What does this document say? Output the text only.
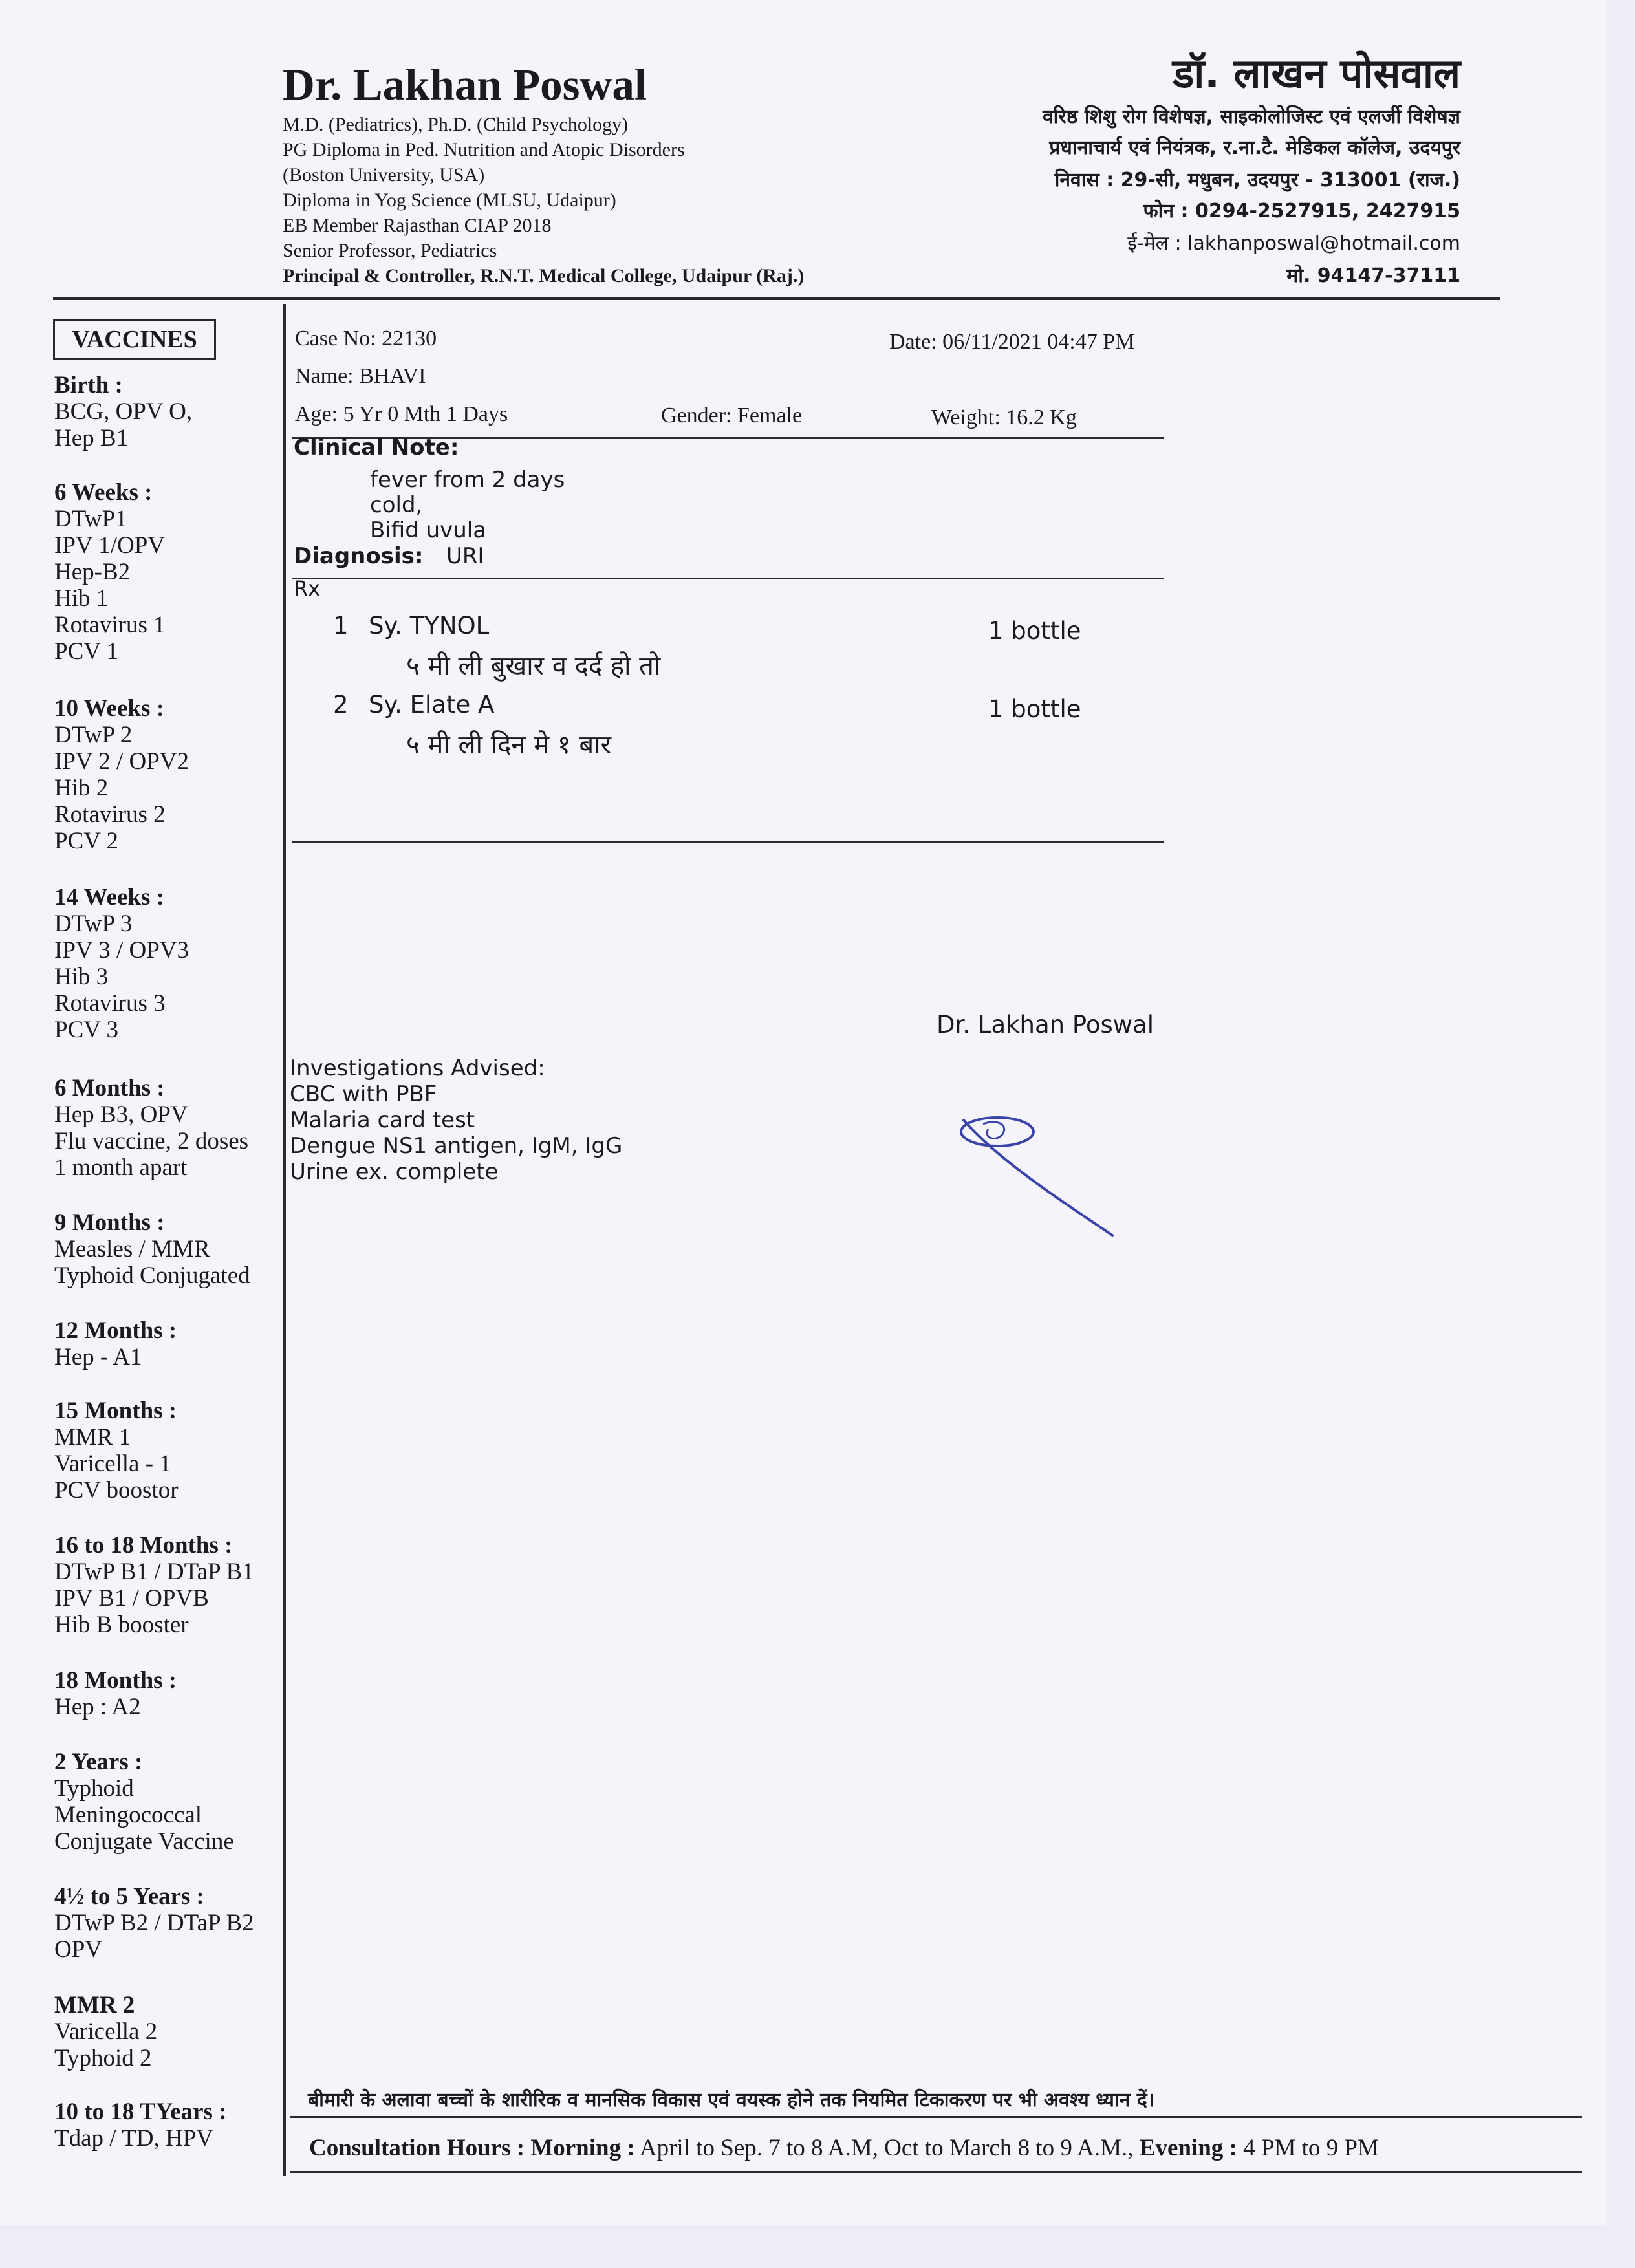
Dr. Lakhan Poswal
M.D. (Pediatrics), Ph.D. (Child Psychology)
PG Diploma in Ped. Nutrition and Atopic Disorders
(Boston University, USA)
Diploma in Yog Science (MLSU, Udaipur)
EB Member Rajasthan CIAP 2018
Senior Professor, Pediatrics
Principal & Controller, R.N.T. Medical College, Udaipur (Raj.)
डॉ. लाखन पोसवाल
वरिष्ठ शिशु रोग विशेषज्ञ, साइकोलोजिस्ट एवं एलर्जी विशेषज्ञ
प्रधानाचार्य एवं नियंत्रक, र.ना.टै. मेडिकल कॉलेज, उदयपुर
निवास : 29-सी, मधुबन, उदयपुर - 313001 (राज.)
फोन : 0294-2527915, 2427915
ई-मेल : lakhanposwal@hotmail.com
मो. 94147-37111
VACCINES
Birth :
BCG, OPV O,
Hep B1
6 Weeks :
DTwP1
IPV 1/OPV
Hep-B2
Hib 1
Rotavirus 1
PCV 1
10 Weeks :
DTwP 2
IPV 2 / OPV2
Hib 2
Rotavirus 2
PCV 2
14 Weeks :
DTwP 3
IPV 3 / OPV3
Hib 3
Rotavirus 3
PCV 3
6 Months :
Hep B3, OPV
Flu vaccine, 2 doses
1 month apart
9 Months :
Measles / MMR
Typhoid Conjugated
12 Months :
Hep - A1
15 Months :
MMR 1
Varicella - 1
PCV boostor
16 to 18 Months :
DTwP B1 / DTaP B1
IPV B1 / OPVB
Hib B booster
18 Months :
Hep : A2
2 Years :
Typhoid
Meningococcal
Conjugate Vaccine
4½ to 5 Years :
DTwP B2 / DTaP B2
OPV
MMR 2
Varicella 2
Typhoid 2
10 to 18 TYears :
Tdap / TD, HPV
Case No: 22130	Date: 06/11/2021 04:47 PM
Name: BHAVI
Age: 5 Yr 0 Mth 1 Days	Gender: Female	Weight: 16.2 Kg
Clinical Note:
fever from 2 days
cold,
Bifid uvula
Diagnosis: URI
Rx
1 Sy. TYNOL	1 bottle
५ मी ली बुखार व दर्द हो तो
2 Sy. Elate A	1 bottle
५ मी ली दिन मे १ बार
Dr. Lakhan Poswal
Investigations Advised:
CBC with PBF
Malaria card test
Dengue NS1 antigen, IgM, IgG
Urine ex. complete
बीमारी के अलावा बच्चों के शारीरिक व मानसिक विकास एवं वयस्क होने तक नियमित टिकाकरण पर भी अवश्य ध्यान दें।
Consultation Hours : Morning : April to Sep. 7 to 8 A.M, Oct to March 8 to 9 A.M., Evening : 4 PM to 9 PM
